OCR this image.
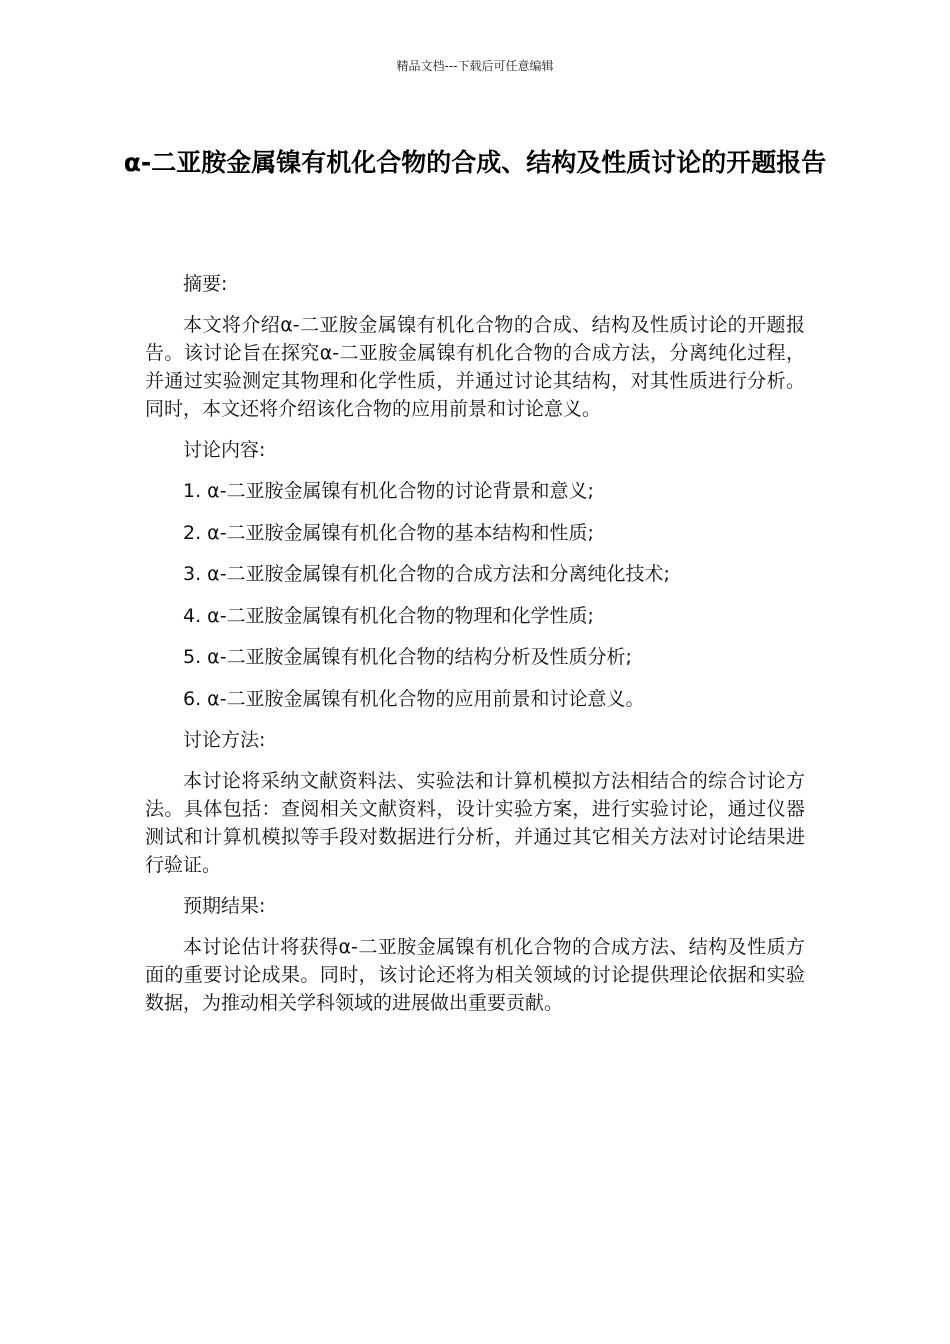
精品文档---下载后可任意编辑
α-二亚胺金属镍有机化合物的合成、结构及性质讨论的开题报告

摘要:

本文将介绍α-二亚胺金属镍有机化合物的合成、结构及性质讨论的开题报告。该讨论旨在探究α-二亚胺金属镍有机化合物的合成方法，分离纯化过程，并通过实验测定其物理和化学性质，并通过讨论其结构，对其性质进行分析。同时，本文还将介绍该化合物的应用前景和讨论意义。

讨论内容:

1. α-二亚胺金属镍有机化合物的讨论背景和意义;
2. α-二亚胺金属镍有机化合物的基本结构和性质;
3. α-二亚胺金属镍有机化合物的合成方法和分离纯化技术;
4. α-二亚胺金属镍有机化合物的物理和化学性质;
5. α-二亚胺金属镍有机化合物的结构分析及性质分析;
6. α-二亚胺金属镍有机化合物的应用前景和讨论意义。

讨论方法:

本讨论将采纳文献资料法、实验法和计算机模拟方法相结合的综合讨论方法。具体包括：查阅相关文献资料，设计实验方案，进行实验讨论，通过仪器测试和计算机模拟等手段对数据进行分析，并通过其它相关方法对讨论结果进行验证。

预期结果:

本讨论估计将获得α-二亚胺金属镍有机化合物的合成方法、结构及性质方面的重要讨论成果。同时，该讨论还将为相关领域的讨论提供理论依据和实验数据，为推动相关学科领域的进展做出重要贡献。
